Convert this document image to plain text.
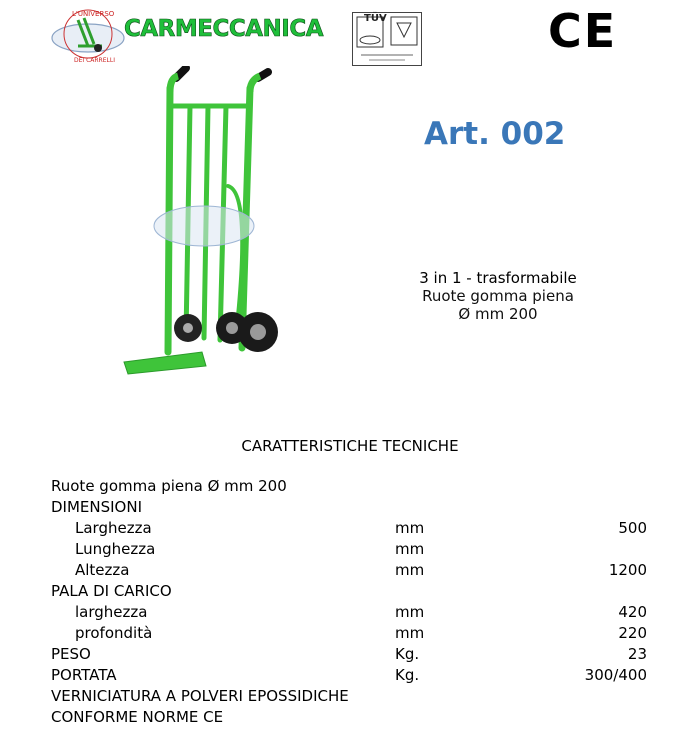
L'UNIVERSO
DEI CARRELLI
CARMECCANICA	TÜV	CE
Art. 002
3 in 1 - trasformabile
Ruote gomma piena
Ø mm 200
CARATTERISTICHE TECNICHE
Ruote gomma piena Ø mm 200
DIMENSIONI
Larghezza	mm	500
Lunghezza	mm
Altezza	mm	1200
PALA DI CARICO
larghezza	mm	420
profondità	mm	220
PESO	Kg.	23
PORTATA	Kg.	300/400
VERNICIATURA A POLVERI EPOSSIDICHE
CONFORME NORME CE
